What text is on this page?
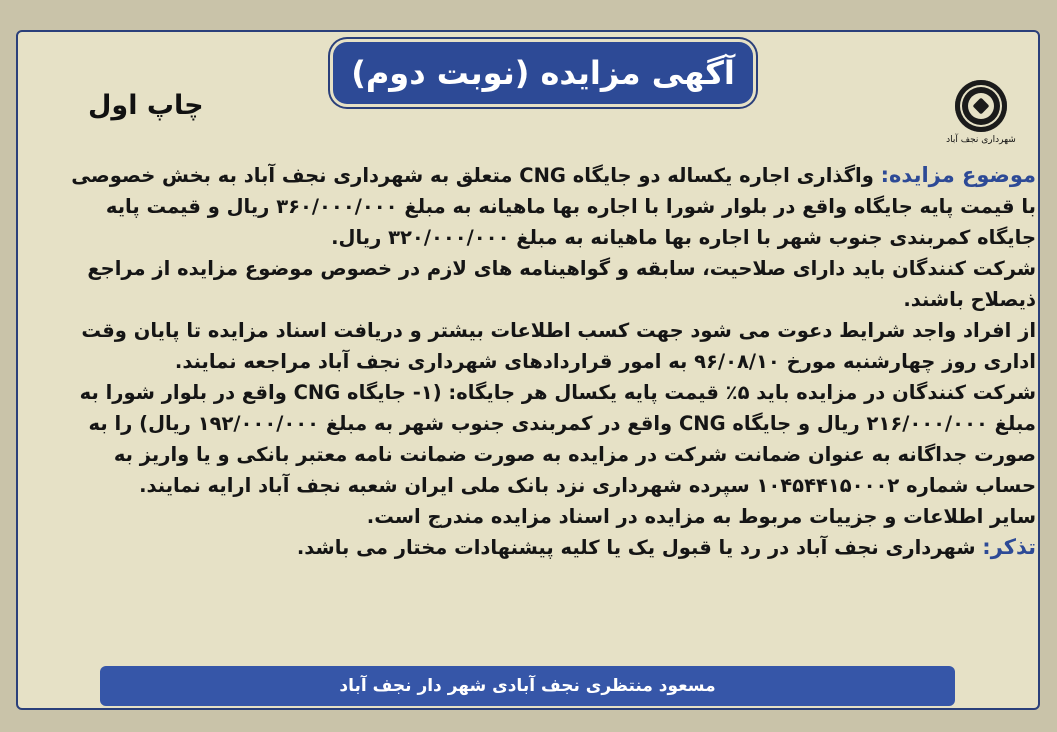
آگهی مزایده (نوبت دوم)
چاپ اول
شهرداری نجف آباد

موضوع مزایده: واگذاری اجاره یکساله دو جایگاه CNG متعلق به شهرداری نجف آباد به بخش خصوصی با قیمت پایه جایگاه واقع در بلوار شورا با اجاره بها ماهیانه به مبلغ ۳۶۰/۰۰۰/۰۰۰ ریال و قیمت پایه جایگاه کمربندی جنوب شهر با اجاره بها ماهیانه به مبلغ ۳۲۰/۰۰۰/۰۰۰ ریال.

شرکت کنندگان باید دارای صلاحیت، سابقه و گواهینامه های لازم در خصوص موضوع مزایده از مراجع ذیصلاح باشند.

از افراد واجد شرایط دعوت می شود جهت کسب اطلاعات بیشتر و دریافت اسناد مزایده تا پایان وقت اداری روز چهارشنبه مورخ ۹۶/۰۸/۱۰ به امور قراردادهای شهرداری نجف آباد مراجعه نمایند.

شرکت کنندگان در مزایده باید ۵٪ قیمت پایه یکسال هر جایگاه: (۱- جایگاه CNG واقع در بلوار شورا به مبلغ ۲۱۶/۰۰۰/۰۰۰ ریال و جایگاه CNG واقع در کمربندی جنوب شهر به مبلغ ۱۹۲/۰۰۰/۰۰۰ ریال) را به صورت جداگانه به عنوان ضمانت شرکت در مزایده به صورت ضمانت نامه معتبر بانکی و یا واریز به حساب شماره ۱۰۴۵۴۴۱۵۰۰۰۲ سپرده شهرداری نزد بانک ملی ایران شعبه نجف آباد ارایه نمایند.

سایر اطلاعات و جزییات مربوط به مزایده در اسناد مزایده مندرج است.

تذکر: شهرداری نجف آباد در رد یا قبول یک یا کلیه پیشنهادات مختار می باشد.

مسعود منتظری نجف آبادی شهر دار نجف آباد
